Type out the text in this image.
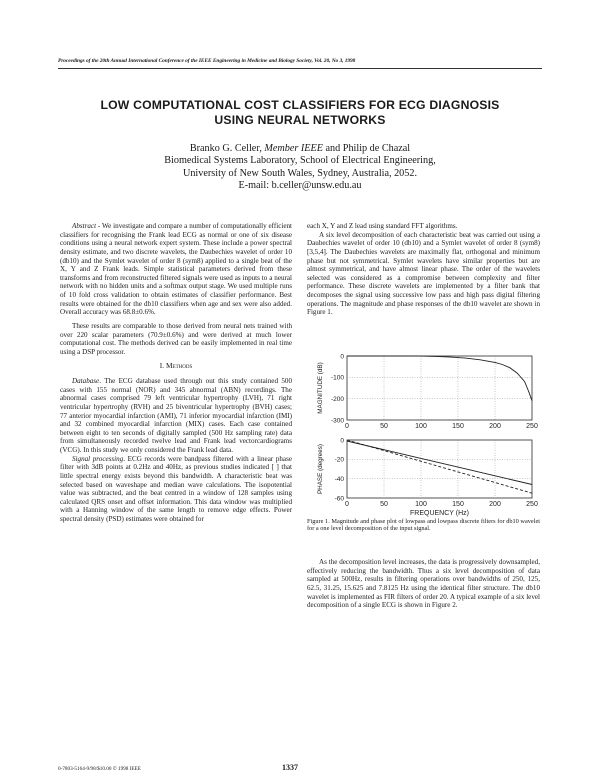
Proceedings of the 20th Annual International Conference of the IEEE Engineering in Medicine and Biology Society, Vol. 20, No 3, 1998
LOW COMPUTATIONAL COST CLASSIFIERS FOR ECG DIAGNOSIS
USING NEURAL NETWORKS
Branko G. Celler, Member IEEE and Philip de Chazal
Biomedical Systems Laboratory, School of Electrical Engineering,
University of New South Wales, Sydney, Australia, 2052.
E-mail: b.celler@unsw.edu.au

Abstract - We investigate and compare a number of computationally efficient classifiers for recognising the Frank lead ECG as normal or one of six disease conditions using a neural network expert system. These include a power spectral density estimate, and two discrete wavelets, the Daubechies wavelet of order 10 (db10) and the Symlet wavelet of order 8 (sym8) applied to a single beat of the X, Y and Z Frank leads. Simple statistical parameters derived from these transforms and from reconstructed filtered signals were used as inputs to a neural network with no hidden units and a softmax output stage. We used multiple runs of 10 fold cross validation to obtain estimates of classifier performance. Best results were obtained for the db10 classifiers when age and sex were also added. Overall accuracy was 68.8±0.6%.

These results are comparable to those derived from neural nets trained with over 220 scalar parameters (70.9±0.6%) and were derived at much lower computational cost. The methods derived can be easily implemented in real time using a DSP processor.

I. Methods

Database. The ECG database used through out this study contained 500 cases with 155 normal (NOR) and 345 abnormal (ABN) recordings. The abnormal cases comprised 79 left ventricular hypertrophy (LVH), 71 right ventricular hypertrophy (RVH) and 25 biventricular hypertrophy (BVH) cases; 77 anterior myocardial infarction (AMI), 71 inferior myocardial infarction (IMI) and 32 combined myocardial infarction (MIX) cases. Each case contained between eight to ten seconds of digitally sampled (500 Hz sampling rate) data from simultaneously recorded twelve lead and Frank lead vectorcardiograms (VCG). In this study we only considered the Frank lead data.

Signal processing. ECG records were bandpass filtered with a linear phase filter with 3dB points at 0.2Hz and 40Hz, as previous studies indicated [ ] that little spectral energy exists beyond this bandwidth. A characteristic beat was selected based on waveshape and median wave calculations. The isopotential value was subtracted, and the beat centred in a window of 128 samples using calculated QRS onset and offset information. This data window was multiplied with a Hanning window of the same length to remove edge effects. Power spectral density (PSD) estimates were obtained for

each X, Y and Z lead using standard FFT algorithms.

A six level decomposition of each characteristic beat was carried out using a Daubechies wavelet of order 10 (db10) and a Symlet wavelet of order 8 (sym8) [3,5,4]. The Daubechies wavelets are maximally flat, orthogonal and minimum phase but not symmetrical. Symlet wavelets have similar properties but are almost symmetrical, and have almost linear phase. The order of the wavelets selected was considered as a compromise between complexity and filter performance. These discrete wavelets are implemented by a filter bank that decomposes the signal using successive low pass and high pass digital filtering operations. The magnitude and phase responses of the db10 wavelet are shown in Figure 1.

0	50	100	150	200	250
0
-100
-200
-300
MAGNITUDE (dB)
0	50	100	150	200	250
0
-20
-40
-60
PHASE (degrees)
FREQUENCY (Hz)

Figure 1. Magnitude and phase plot of lowpass and lowpass discrete filters for db10 wavelet for a one level decomposition of the input signal.

As the decomposition level increases, the data is progressively downsampled, effectively reducing the bandwidth. Thus a six level decomposition of data sampled at 500Hz, results in filtering operations over bandwidths of 250, 125, 62.5, 31.25, 15.625 and 7.8125 Hz using the identical filter structure. The db10 wavelet is implemented as FIR filters of order 20. A typical example of a six level decomposition of a single ECG is shown in Figure 2.

0-7803-5164-9/98/$10.00 © 1998 IEEE	1337
